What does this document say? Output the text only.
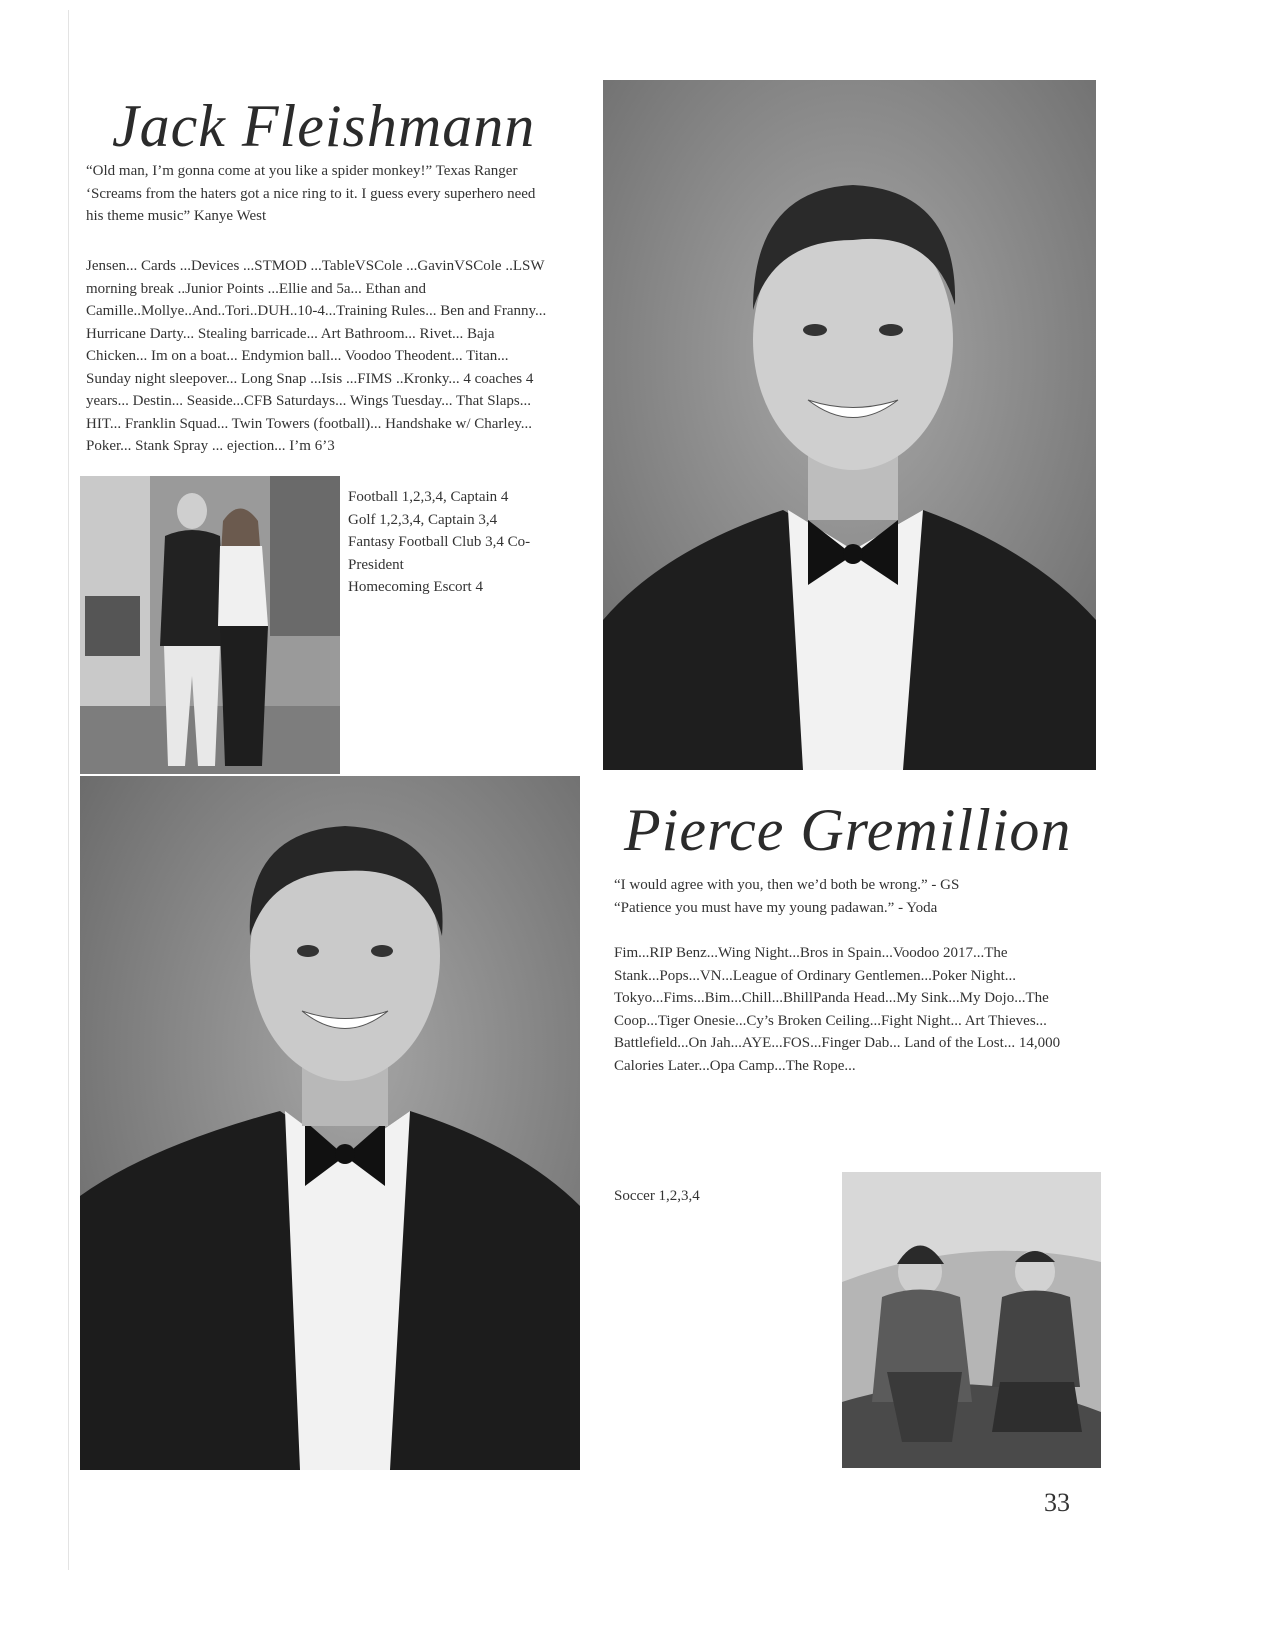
Jack Fleishmann

“Old man, I’m gonna come at you like a spider monkey!” Texas Ranger

‘Screams from the haters got a nice ring to it. I guess every superhero need his theme music” Kanye West

Jensen... Cards ...Devices ...STMOD ...TableVSCole ...GavinVSCole ..LSW morning break ..Junior Points ...Ellie and 5a... Ethan and Camille..Mollye..And..Tori..DUH..10-4...Training Rules... Ben and Franny... Hurricane Darty... Stealing barricade... Art Bathroom... Rivet... Baja Chicken... Im on a boat... Endymion ball... Voodoo Theodent... Titan... Sunday night sleepover... Long Snap ...Isis ...FIMS ..Kronky... 4 coaches 4 years... Destin... Seaside...CFB Saturdays... Wings Tuesday... That Slaps... HIT... Franklin Squad... Twin Towers (football)... Handshake w/ Charley... Poker... Stank Spray ... ejection... I’m 6’3

Football 1,2,3,4, Captain 4

Golf 1,2,3,4, Captain 3,4

Fantasy Football Club 3,4 Co-President

Homecoming Escort 4

Pierce Gremillion

“I would agree with you, then we’d both be wrong.” - GS

“Patience you must have my young padawan.” - Yoda

Fim...RIP Benz...Wing Night...Bros in Spain...Voodoo 2017...The Stank...Pops...VN...League of Ordinary Gentlemen...Poker Night... Tokyo...Fims...Bim...Chill...BhillPanda Head...My Sink...My Dojo...The Coop...Tiger Onesie...Cy’s Broken Ceiling...Fight Night... Art Thieves... Battlefield...On Jah...AYE...FOS...Finger Dab... Land of the Lost... 14,000 Calories Later...Opa Camp...The Rope...

Soccer 1,2,3,4

33
